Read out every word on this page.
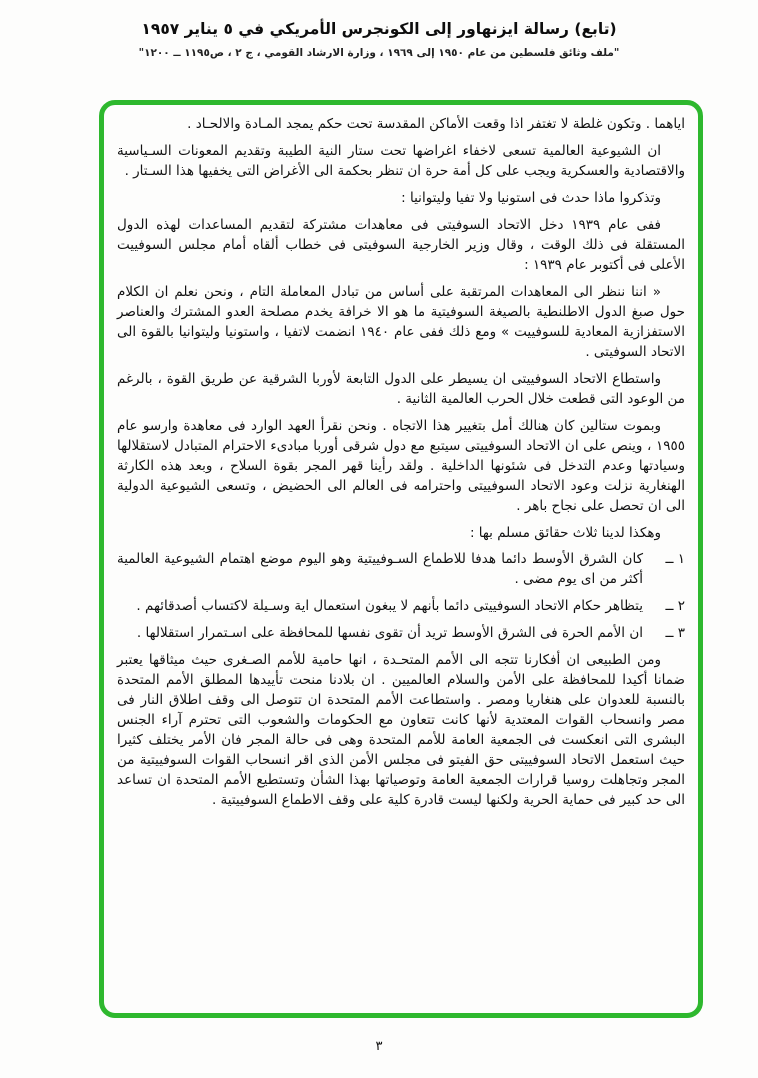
(تابع) رسالة ايزنهاور إلى الكونجرس الأمريكي في ٥ يناير ١٩٥٧
"ملف وثائق فلسطين من عام ١٩٥٠ إلى ١٩٦٩ ، وزارة الارشاد القومي ، ج ٢ ، ص١١٩٥ ــ ١٢٠٠"

اياهما . وتكون غلطة لا تغتفر اذا وقعت الأماكن المقدسة تحت حكم يمجد المـادة والالحـاد .

ان الشيوعية العالمية تسعى لاخفاء اغراضها تحت ستار النية الطيبة وتقديم المعونات السـياسية والاقتصادية والعسكرية ويجب على كل أمة حرة ان تنظر بحكمة الى الأغراض التى يخفيها هذا السـتار .

وتذكروا ماذا حدث فى استونيا ولا تفيا وليتوانيا :

ففى عام ١٩٣٩ دخل الاتحاد السوفيتى فى معاهدات مشتركة لتقديم المساعدات لهذه الدول المستقلة فى ذلك الوقت ، وقال وزير الخارجية السوفيتى فى خطاب ألقاه أمام مجلس السوفييت الأعلى فى أكتوبر عام ١٩٣٩ :

« اننا ننظر الى المعاهدات المرتقبة على أساس من تبادل المعاملة التام ، ونحن نعلم ان الكلام حول صبغ الدول الاطلنطية بالصيغة السوفيتية ما هو الا خرافة يخدم مصلحة العدو المشترك والعناصر الاستفزازية المعادية للسوفييت » ومع ذلك ففى عام ١٩٤٠ انضمت لاتفيا ، واستونيا وليتوانيا بالقوة الى الاتحاد السوفيتى .

واستطاع الاتحاد السوفييتى ان يسيطر على الدول التابعة لأوربا الشرقية عن طريق القوة ، بالرغم من الوعود التى قطعت خلال الحرب العالمية الثانية .

وبموت ستالين كان هنالك أمل بتغيير هذا الاتجاه . ونحن نقرأ العهد الوارد فى معاهدة وارسو عام ١٩٥٥ ، وينص على ان الاتحاد السوفييتى سيتبع مع دول شرقى أوربا مبادىء الاحترام المتبادل لاستقلالها وسيادتها وعدم التدخل فى شئونها الداخلية . ولقد رأينا قهر المجر بقوة السلاح ، وبعد هذه الكارثة الهنغارية نزلت وعود الاتحاد السوفييتى واحترامه فى العالم الى الحضيض ، وتسعى الشيوعية الدولية الى ان تحصل على نجاح باهر .

وهكذا لدينا ثلاث حقائق مسلم بها :

١ ــ
كان الشرق الأوسط دائما هدفا للاطماع السـوفييتية وهو اليوم موضع اهتمام الشيوعية العالمية أكثر من اى يوم مضى .
٢ ــ
يتظاهر حكام الاتحاد السوفييتى دائما بأنهم لا يبغون استعمال اية وسـيلة لاكتساب أصدقائهم .
٣ ــ
ان الأمم الحرة فى الشرق الأوسط تريد أن تقوى نفسها للمحافظة على اسـتمرار استقلالها .

ومن الطبيعى ان أفكارنا تتجه الى الأمم المتحـدة ، انها حامية للأمم الصـغرى حيث ميثاقها يعتبر ضمانا أكيدا للمحافظة على الأمن والسلام العالميين . ان بلادنا منحت تأييدها المطلق الأمم المتحدة بالنسبة للعدوان على هنغاريا ومصر . واستطاعت الأمم المتحدة ان تتوصل الى وقف اطلاق النار فى مصر وانسحاب القوات المعتدية لأنها كانت تتعاون مع الحكومات والشعوب التى تحترم آراء الجنس البشرى التى انعكست فى الجمعية العامة للأمم المتحدة وهى فى حالة المجر فان الأمر يختلف كثيرا حيث استعمل الاتحاد السوفييتى حق الفيتو فى مجلس الأمن الذى اقر انسحاب القوات السوفييتية من المجر وتجاهلت روسيا قرارات الجمعية العامة وتوصياتها بهذا الشأن وتستطيع الأمم المتحدة ان تساعد الى حد كبير فى حماية الحرية ولكنها ليست قادرة كلية على وقف الاطماع السوفييتية .

٣
